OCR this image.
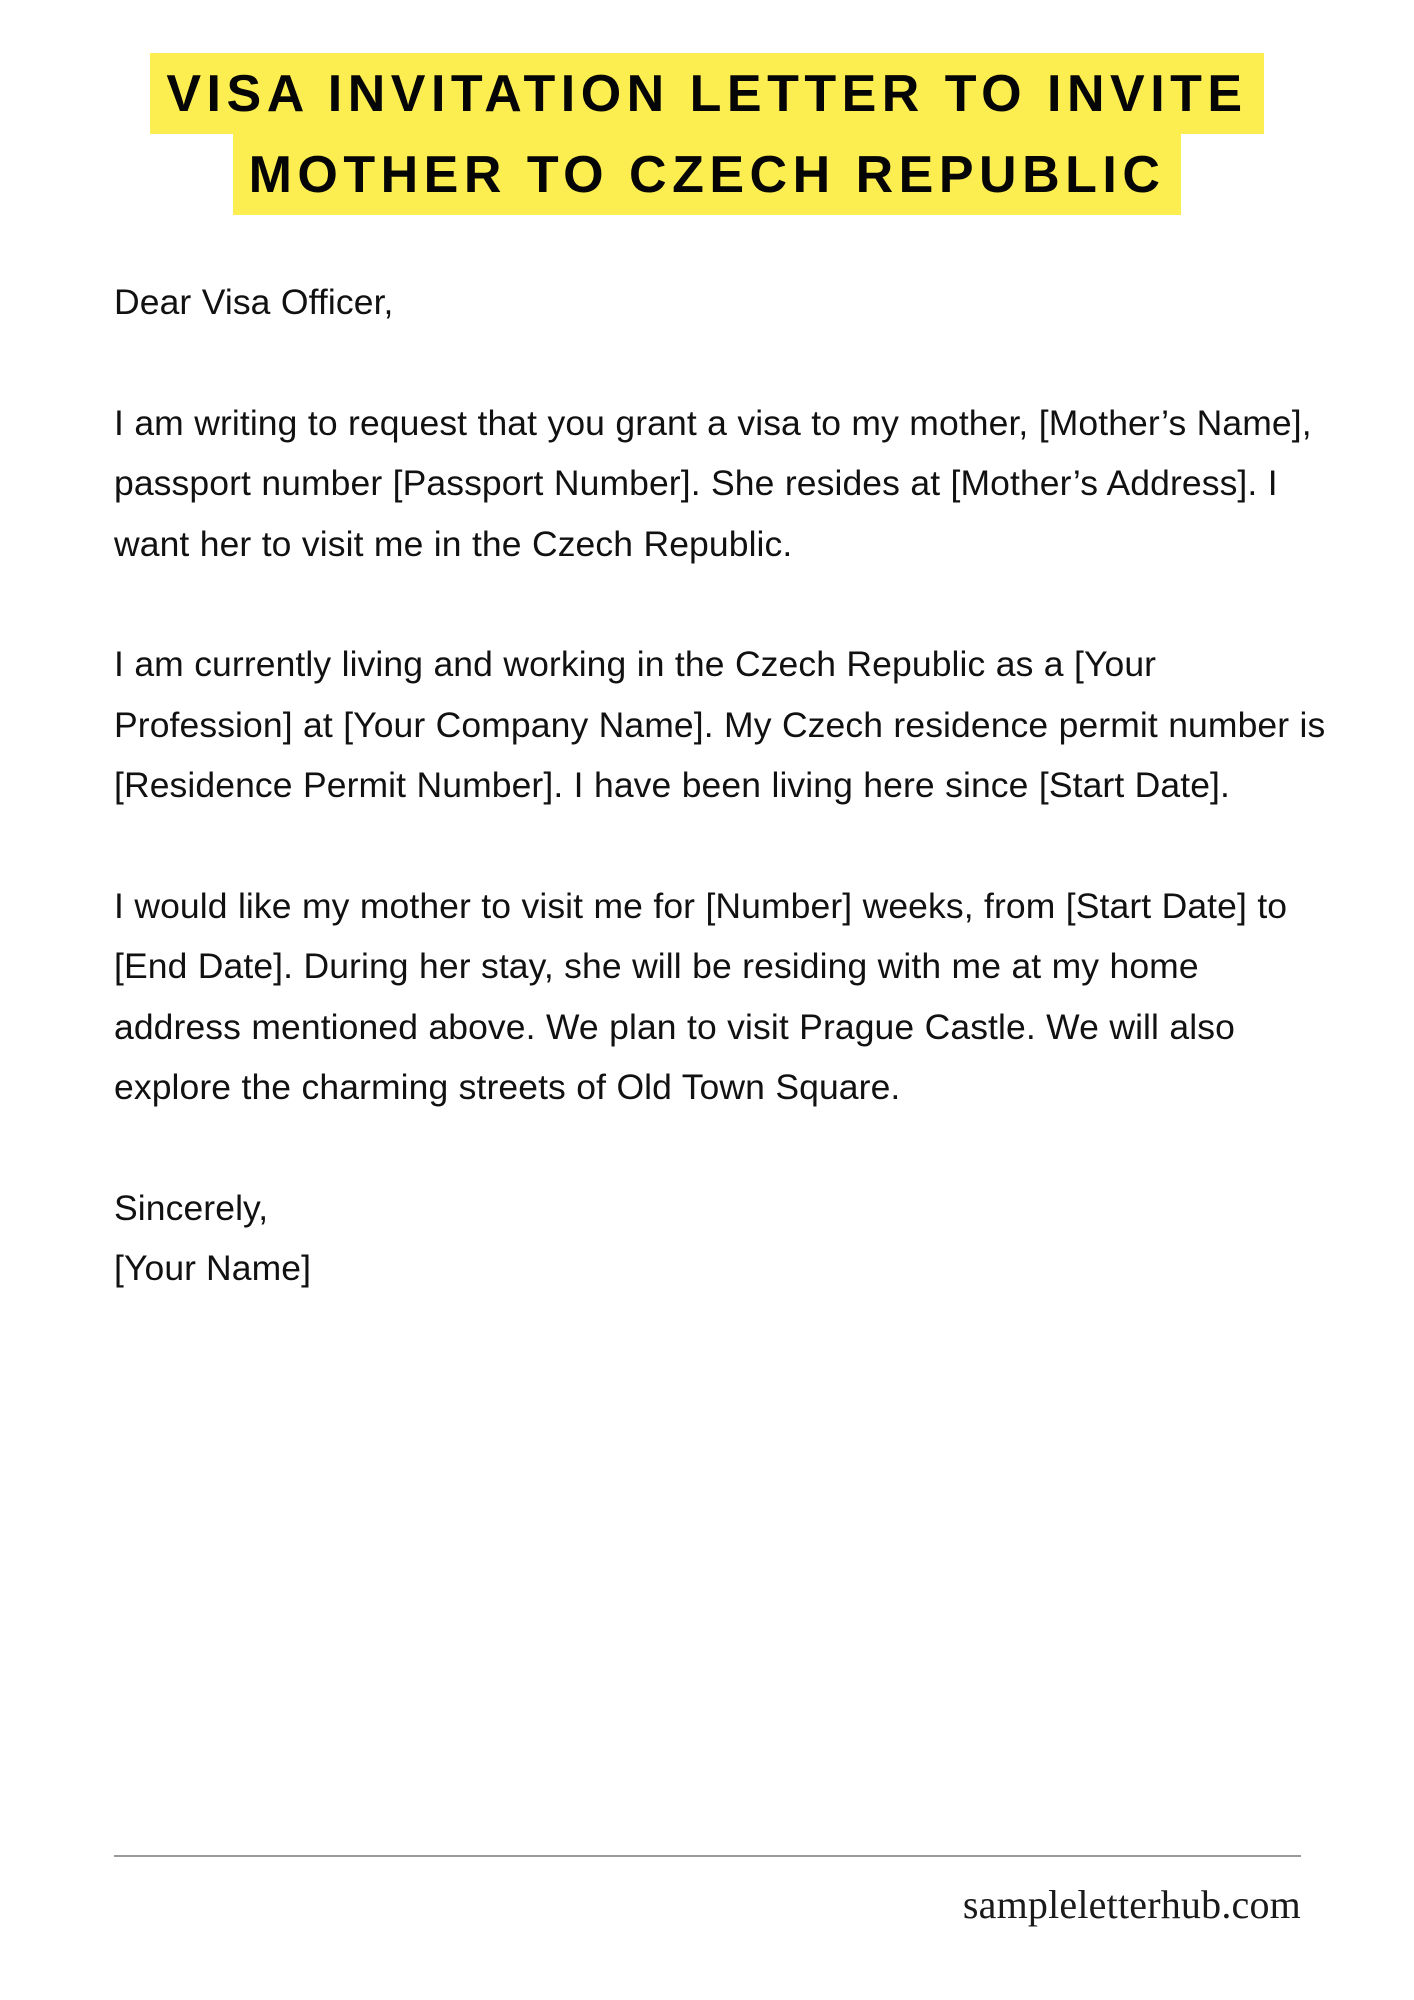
VISA INVITATION LETTER TO INVITE
MOTHER TO CZECH REPUBLIC

Dear Visa Officer,

I am writing to request that you grant a visa to my mother, [Mother’s Name], passport number [Passport Number]. She resides at [Mother’s Address]. I want her to visit me in the Czech Republic.

I am currently living and working in the Czech Republic as a [Your Profession] at [Your Company Name]. My Czech residence permit number is [Residence Permit Number]. I have been living here since [Start Date].

I would like my mother to visit me for [Number] weeks, from [Start Date] to [End Date]. During her stay, she will be residing with me at my home address mentioned above. We plan to visit Prague Castle. We will also explore the charming streets of Old Town Square.

Sincerely,

[Your Name]

sampleletterhub.com
